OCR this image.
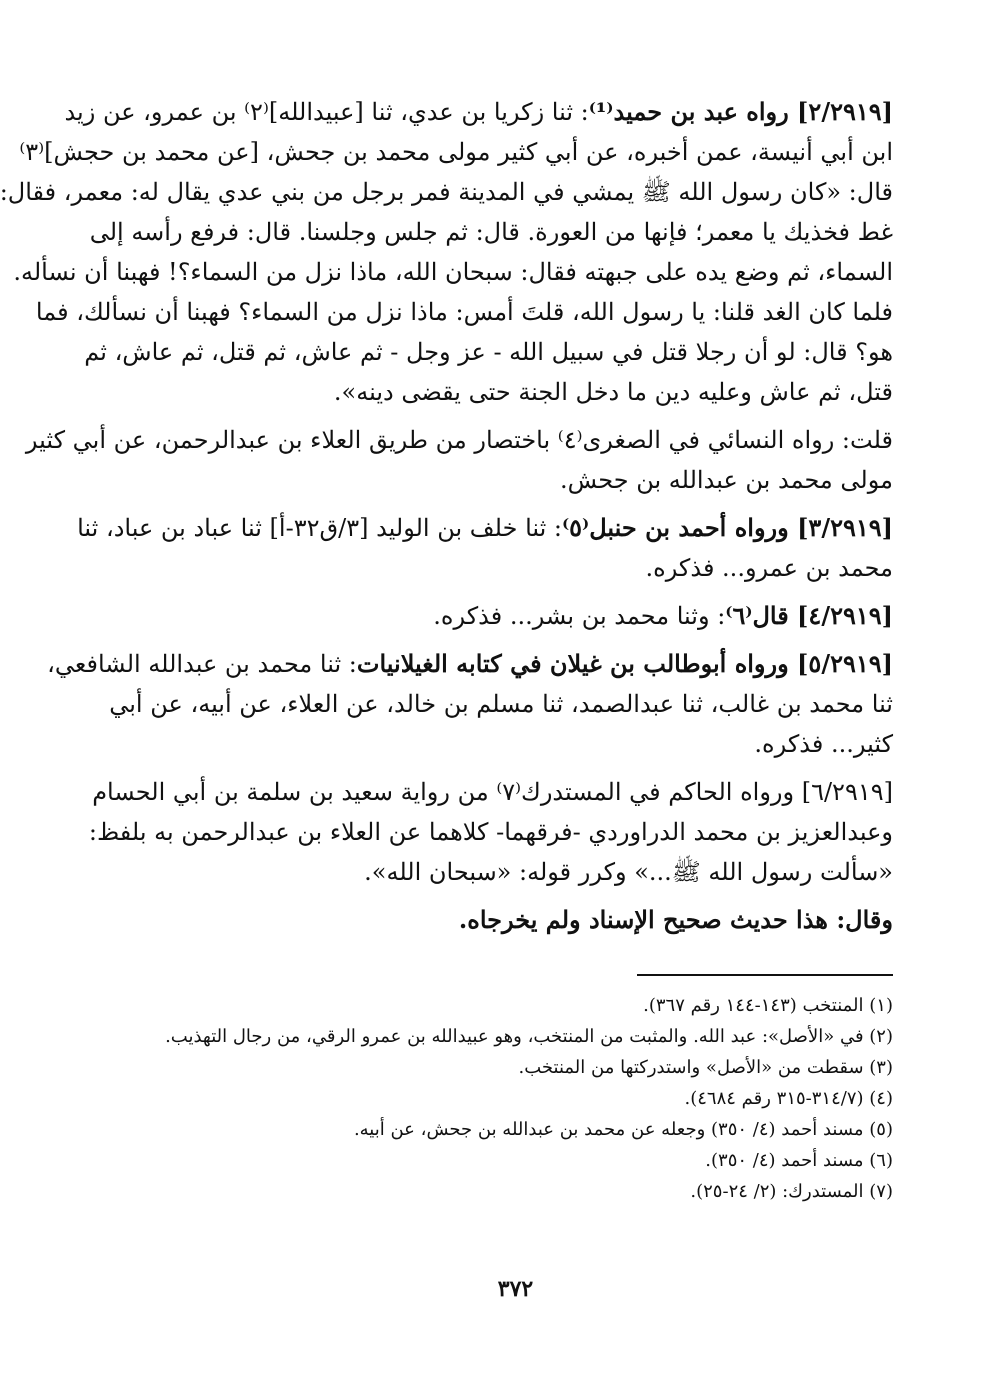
[٢/٢٩١٩] رواه عبد بن حميد⁽¹⁾: ثنا زكريا بن عدي، ثنا [عبيدالله]⁽٢⁾ بن عمرو، عن زيد
ابن أبي أنيسة، عمن أخبره، عن أبي كثير مولى محمد بن جحش، [عن محمد بن حجش]⁽٣⁾
قال: «كان رسول الله ﷺ يمشي في المدينة فمر برجل من بني عدي يقال له: معمر، فقال:
غط فخذيك يا معمر؛ فإنها من العورة. قال: ثم جلس وجلسنا. قال: فرفع رأسه إلى
السماء، ثم وضع يده على جبهته فقال: سبحان الله، ماذا نزل من السماء؟! فهبنا أن نسأله.
فلما كان الغد قلنا: يا رسول الله، قلتَ أمس: ماذا نزل من السماء؟ فهبنا أن نسألك، فما
هو؟ قال: لو أن رجلا قتل في سبيل الله - عز وجل - ثم عاش، ثم قتل، ثم عاش، ثم
قتل، ثم عاش وعليه دين ما دخل الجنة حتى يقضى دينه».

قلت: رواه النسائي في الصغرى⁽٤⁾ باختصار من طريق العلاء بن عبدالرحمن، عن أبي كثير
مولى محمد بن عبدالله بن جحش.

[٣/٢٩١٩] ورواه أحمد بن حنبل⁽٥⁾: ثنا خلف بن الوليد [٣/ق٣٢-أ] ثنا عباد بن عباد، ثنا
محمد بن عمرو... فذكره.

[٤/٢٩١٩] قال⁽٦⁾: وثنا محمد بن بشر... فذكره.

[٥/٢٩١٩] ورواه أبوطالب بن غيلان في كتابه الغيلانيات: ثنا محمد بن عبدالله الشافعي،
ثنا محمد بن غالب، ثنا عبدالصمد، ثنا مسلم بن خالد، عن العلاء، عن أبيه، عن أبي
كثير... فذكره.

[٦/٢٩١٩] ورواه الحاكم في المستدرك⁽٧⁾ من رواية سعيد بن سلمة بن أبي الحسام
وعبدالعزيز بن محمد الدراوردي -فرقهما- كلاهما عن العلاء بن عبدالرحمن به بلفظ:
«سألت رسول الله ﷺ...» وكرر قوله: «سبحان الله».

وقال: هذا حديث صحيح الإسناد ولم يخرجاه.

(١) المنتخب (١٤٣-١٤٤ رقم ٣٦٧).
(٢) في «الأصل»: عبد الله. والمثبت من المنتخب، وهو عبيدالله بن عمرو الرقي، من رجال التهذيب.
(٣) سقطت من «الأصل» واستدركتها من المنتخب.
(٤) (٣١٤/٧-٣١٥ رقم ٤٦٨٤).
(٥) مسند أحمد (٤/ ٣٥٠) وجعله عن محمد بن عبدالله بن جحش، عن أبيه.
(٦) مسند أحمد (٤/ ٣٥٠).
(٧) المستدرك: (٢/ ٢٤-٢٥).
٣٧٢
